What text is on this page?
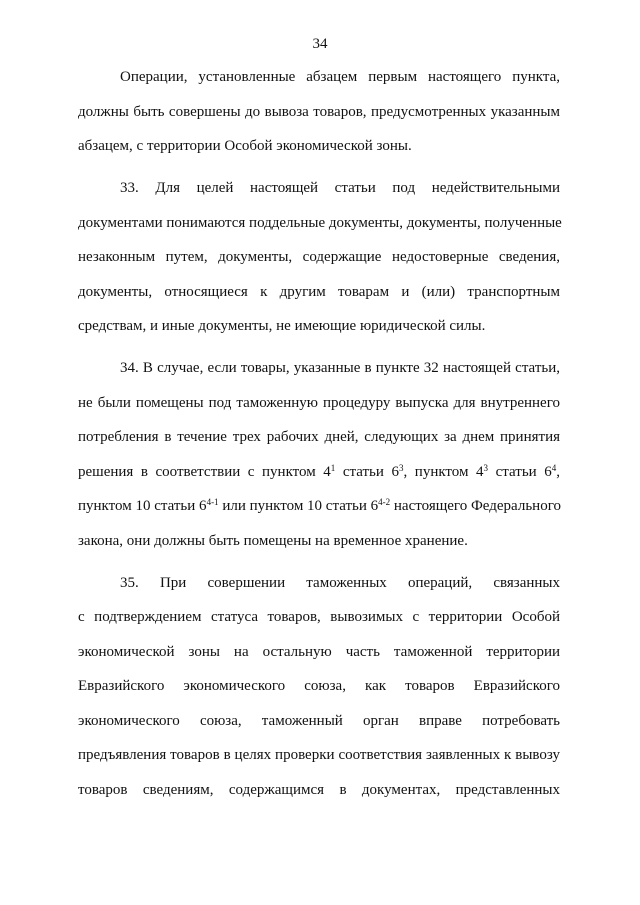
34
Операции, установленные абзацем первым настоящего пункта,
должны быть совершены до вывоза товаров, предусмотренных указанным
абзацем, с территории Особой экономической зоны.
33. Для целей настоящей статьи под недействительными
документами понимаются поддельные документы, документы, полученные
незаконным путем, документы, содержащие недостоверные сведения,
документы, относящиеся к другим товарам и (или) транспортным
средствам, и иные документы, не имеющие юридической силы.
34. В случае, если товары, указанные в пункте 32 настоящей статьи,
не были помещены под таможенную процедуру выпуска для внутреннего
потребления в течение трех рабочих дней, следующих за днем принятия
решения в соответствии с пунктом $4^1$ статьи $6^3$, пунктом $4^3$ статьи $6^4$,
пунктом 10 статьи 6$^{4-1}$ или пунктом 10 статьи 6$^{4-2}$ настоящего Федерального
закона, они должны быть помещены на временное хранение.
35. При совершении таможенных операций, связанных
с подтверждением статуса товаров, вывозимых с территории Особой
экономической зоны на остальную часть таможенной территории
Евразийского экономического союза, как товаров Евразийского
экономического союза, таможенный орган вправе потребовать
предъявления товаров в целях проверки соответствия заявленных к вывозу
товаров сведениям, содержащимся в документах, представленных
